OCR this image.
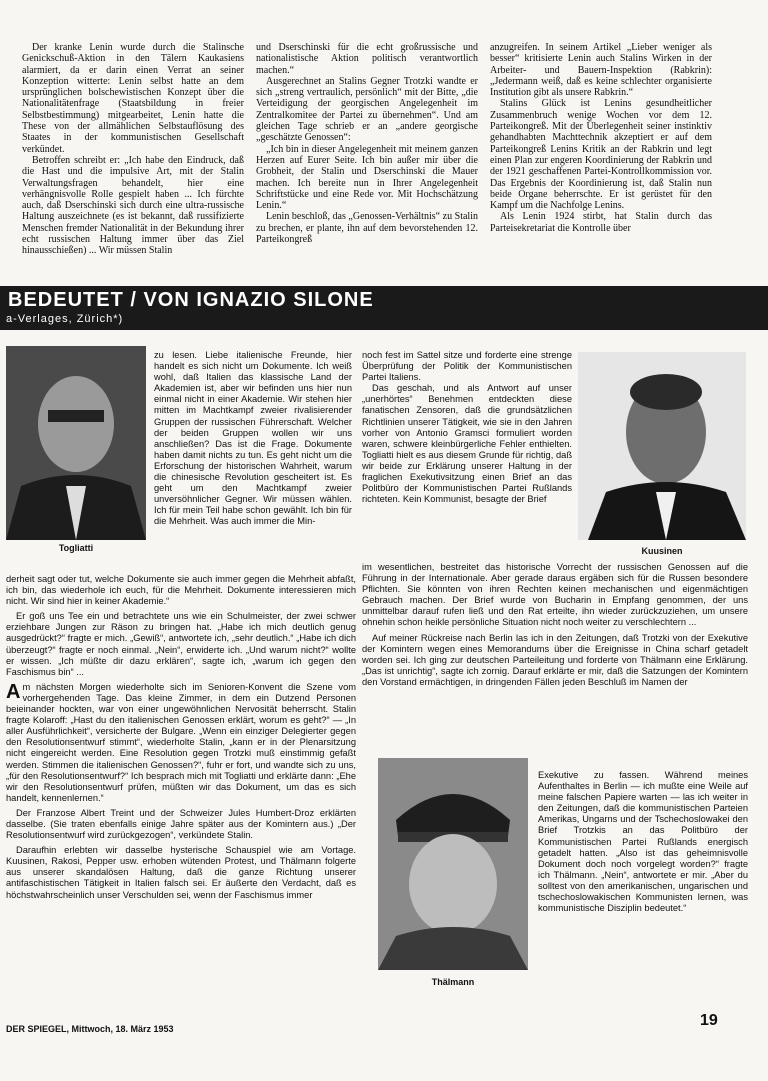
Der kranke Lenin wurde durch die Stalinsche Genickschuß-Aktion in den Tälern Kaukasiens alarmiert, da er darin einen Verrat an seiner Konzeption witterte: Lenin selbst hatte an dem ursprünglichen bolschewistischen Konzept über die Nationalitätenfrage (Staatsbildung in freier Selbstbestimmung) mitgearbeitet, Lenin hatte die These von der allmählichen Selbstauflösung des Staates in der kommunistischen Gesellschaft verkündet.

Betroffen schreibt er: „Ich habe den Eindruck, daß die Hast und die impulsive Art, mit der Stalin Verwaltungsfragen behandelt, hier eine verhängnisvolle Rolle gespielt haben ... Ich fürchte auch, daß Dserschinski sich durch eine ultra-russische Haltung auszeichnete (es ist bekannt, daß russifizierte Menschen fremder Nationalität in der Bekundung ihrer echt russischen Haltung immer über das Ziel hinausschießen) ... Wir müssen Stalin

und Dserschinski für die echt großrussische und nationalistische Aktion politisch verantwortlich machen.“

Ausgerechnet an Stalins Gegner Trotzki wandte er sich „streng vertraulich, persönlich“ mit der Bitte, „die Verteidigung der georgischen Angelegenheit im Zentralkomitee der Partei zu übernehmen“. Und am gleichen Tage schrieb er an „andere georgische „geschätzte Genossen“:

„Ich bin in dieser Angelegenheit mit meinem ganzen Herzen auf Eurer Seite. Ich bin außer mir über die Grobheit, der Stalin und Dserschinski die Mauer machen. Ich bereite nun in Ihrer Angelegenheit Schriftstücke und eine Rede vor. Mit Hochschätzung Lenin.“

Lenin beschloß, das „Genossen-Verhältnis“ zu Stalin zu brechen, er plante, ihn auf dem bevorstehenden 12. Parteikongreß

anzugreifen. In seinem Artikel „Lieber weniger als besser“ kritisierte Lenin auch Stalins Wirken in der Arbeiter- und Bauern-Inspektion (Rabkrin): „Jedermann weiß, daß es keine schlechter organisierte Institution gibt als unsere Rabkrin.“

Stalins Glück ist Lenins gesundheitlicher Zusammenbruch wenige Wochen vor dem 12. Parteikongreß. Mit der Überlegenheit seiner instinktiv gehandhabten Machttechnik akzeptiert er auf dem Parteikongreß Lenins Kritik an der Rabkrin und legt einen Plan zur engeren Koordinierung der Rabkrin und der 1921 geschaffenen Partei-Kontrollkommission vor. Das Ergebnis der Koordinierung ist, daß Stalin nun beide Organe beherrschte. Er ist gerüstet für den Kampf um die Nachfolge Lenins.

Als Lenin 1924 stirbt, hat Stalin durch das Parteisekretariat die Kontrolle über

BEDEUTET / VON IGNAZIO SILONE
a-Verlages, Zürich*)
Togliatti	Kuusinen
Thälmann

zu lesen. Liebe italienische Freunde, hier handelt es sich nicht um Dokumente. Ich weiß wohl, daß Italien das klassische Land der Akademien ist, aber wir befinden uns hier nun einmal nicht in einer Akademie. Wir stehen hier mitten im Machtkampf zweier rivalisierender Gruppen der russischen Führerschaft. Welcher der beiden Gruppen wollen wir uns anschließen? Das ist die Frage. Dokumente haben damit nichts zu tun. Es geht nicht um die Erforschung der historischen Wahrheit, warum die chinesische Revolution gescheitert ist. Es geht um den Machtkampf zweier unversöhnlicher Gegner. Wir müssen wählen. Ich für mein Teil habe schon gewählt. Ich bin für die Mehrheit. Was auch immer die Min-

noch fest im Sattel sitze und forderte eine strenge Überprüfung der Politik der Kommunistischen Partei Italiens.

Das geschah, und als Antwort auf unser „unerhörtes“ Benehmen entdeckten diese fanatischen Zensoren, daß die grundsätzlichen Richtlinien unserer Tätigkeit, wie sie in den Jahren vorher von Antonio Gramsci formuliert worden waren, schwere kleinbürgerliche Fehler enthielten. Togliatti hielt es aus diesem Grunde für richtig, daß wir beide zur Erklärung unserer Haltung in der fraglichen Exekutivsitzung einen Brief an das Politbüro der Kommunistischen Partei Rußlands richteten. Kein Kommunist, besagte der Brief

derheit sagt oder tut, welche Dokumente sie auch immer gegen die Mehrheit abfaßt, ich bin, das wiederhole ich euch, für die Mehrheit. Dokumente interessieren mich nicht. Wir sind hier in keiner Akademie.“

Er goß uns Tee ein und betrachtete uns wie ein Schulmeister, der zwei schwer erziehbare Jungen zur Räson zu bringen hat. „Habe ich mich deutlich genug ausgedrückt?“ fragte er mich. „Gewiß“, antwortete ich, „sehr deutlich.“ „Habe ich dich überzeugt?“ fragte er noch einmal. „Nein“, erwiderte ich. „Und warum nicht?“ wollte er wissen. „Ich müßte dir dazu erklären“, sagte ich, „warum ich gegen den Faschismus bin“ ...

Am nächsten Morgen wiederholte sich im Senioren-Konvent die Szene vom vorhergehenden Tage. Das kleine Zimmer, in dem ein Dutzend Personen beieinander hockten, war von einer ungewöhnlichen Nervosität beherrscht. Stalin fragte Kolaroff: „Hast du den italienischen Genossen erklärt, worum es geht?“ — „In aller Ausführlichkeit“, versicherte der Bulgare. „Wenn ein einziger Delegierter gegen den Resolutionsentwurf stimmt“, wiederholte Stalin, „kann er in der Plenarsitzung nicht eingereicht werden. Eine Resolution gegen Trotzki muß einstimmig gefaßt werden. Stimmen die italienischen Genossen?“, fuhr er fort, und wandte sich zu uns, „für den Resolutionsentwurf?“ Ich besprach mich mit Togliatti und erklärte dann: „Ehe wir den Resolutionsentwurf prüfen, müßten wir das Dokument, um das es sich handelt, kennenlernen.“

Der Franzose Albert Treint und der Schweizer Jules Humbert-Droz erklärten dasselbe. (Sie traten ebenfalls einige Jahre später aus der Komintern aus.) „Der Resolutionsentwurf wird zurückgezogen“, verkündete Stalin.

Daraufhin erlebten wir dasselbe hysterische Schauspiel wie am Vortage. Kuusinen, Rakosi, Pepper usw. erhoben wütenden Protest, und Thälmann folgerte aus unserer skandalösen Haltung, daß die ganze Richtung unserer antifaschistischen Tätigkeit in Italien falsch sei. Er äußerte den Verdacht, daß es höchstwahrscheinlich unser Verschulden sei, wenn der Faschismus immer

im wesentlichen, bestreitet das historische Vorrecht der russischen Genossen auf die Führung in der Internationale. Aber gerade daraus ergäben sich für die Russen besondere Pflichten. Sie könnten von ihren Rechten keinen mechanischen und eigenmächtigen Gebrauch machen. Der Brief wurde von Bucharin in Empfang genommen, der uns unmittelbar darauf rufen ließ und den Rat erteilte, ihn wieder zurückzuziehen, um unsere ohnehin schon heikle persönliche Situation nicht noch weiter zu verschlechtern ...

Auf meiner Rückreise nach Berlin las ich in den Zeitungen, daß Trotzki von der Exekutive der Komintern wegen eines Memorandums über die Ereignisse in China scharf getadelt worden sei. Ich ging zur deutschen Parteileitung und forderte von Thälmann eine Erklärung. „Das ist unrichtig“, sagte ich zornig. Darauf erklärte er mir, daß die Satzungen der Komintern den Vorstand ermächtigen, in dringenden Fällen jeden Beschluß im Namen der

Exekutive zu fassen. Während meines Aufenthaltes in Berlin — ich mußte eine Weile auf meine falschen Papiere warten — las ich weiter in den Zeitungen, daß die kommunistischen Parteien Amerikas, Ungarns und der Tschechoslowakei den Brief Trotzkis an das Politbüro der Kommunistischen Partei Rußlands energisch getadelt hatten. „Also ist das geheimnisvolle Dokument doch noch vorgelegt worden?“ fragte ich Thälmann. „Nein“, antwortete er mir. „Aber du solltest von den amerikanischen, ungarischen und tschechoslowakischen Kommunisten lernen, was kommunistische Disziplin bedeutet.“

DER SPIEGEL, Mittwoch, 18. März 1953	19
